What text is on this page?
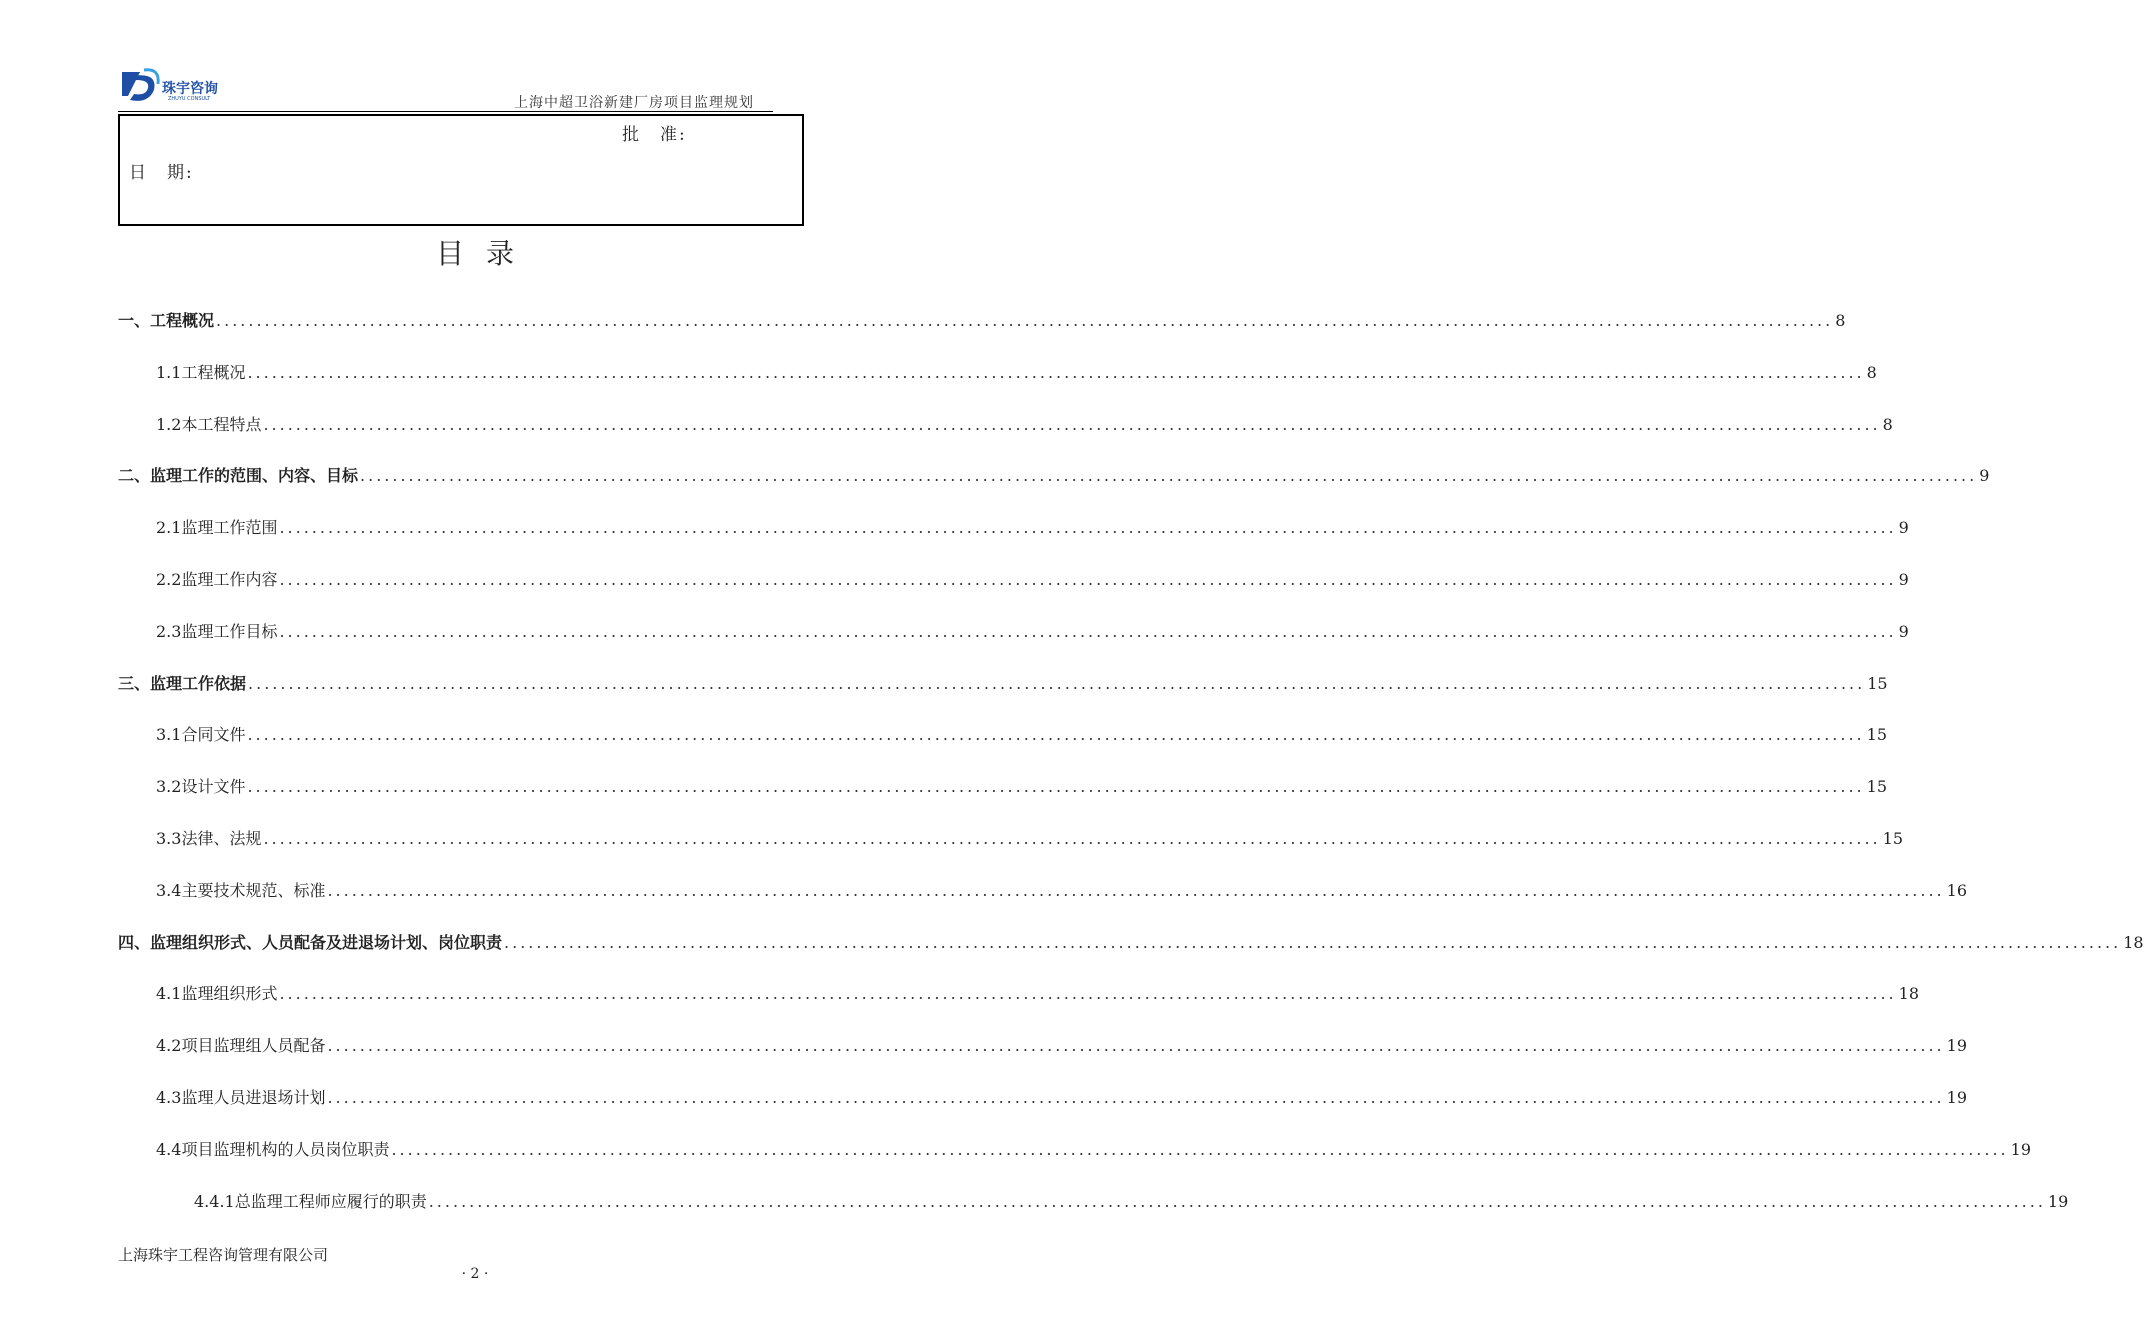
珠宇咨询
ZHUYU CONSULT	上海中超卫浴新建厂房项目监理规划
批　准:
日　期:
目录
一、工程概况 ........................................................................................................................................................................................................ 8
1.1工程概况 ........................................................................................................................................................................................................ 8
1.2本工程特点 ........................................................................................................................................................................................................ 8
二、监理工作的范围、内容、目标 ........................................................................................................................................................................................................ 9
2.1监理工作范围 ........................................................................................................................................................................................................ 9
2.2监理工作内容 ........................................................................................................................................................................................................ 9
2.3监理工作目标 ........................................................................................................................................................................................................ 9
三、监理工作依据 ........................................................................................................................................................................................................ 15
3.1合同文件 ........................................................................................................................................................................................................ 15
3.2设计文件 ........................................................................................................................................................................................................ 15
3.3法律、法规 ........................................................................................................................................................................................................ 15
3.4主要技术规范、标准 ........................................................................................................................................................................................................ 16
四、监理组织形式、人员配备及进退场计划、岗位职责 ........................................................................................................................................................................................................ 18
4.1监理组织形式 ........................................................................................................................................................................................................ 18
4.2项目监理组人员配备 ........................................................................................................................................................................................................ 19
4.3监理人员进退场计划 ........................................................................................................................................................................................................ 19
4.4项目监理机构的人员岗位职责 ........................................................................................................................................................................................................ 19
4.4.1总监理工程师应履行的职责 ........................................................................................................................................................................................................ 19
上海珠宇工程咨询管理有限公司
· 2 ·
